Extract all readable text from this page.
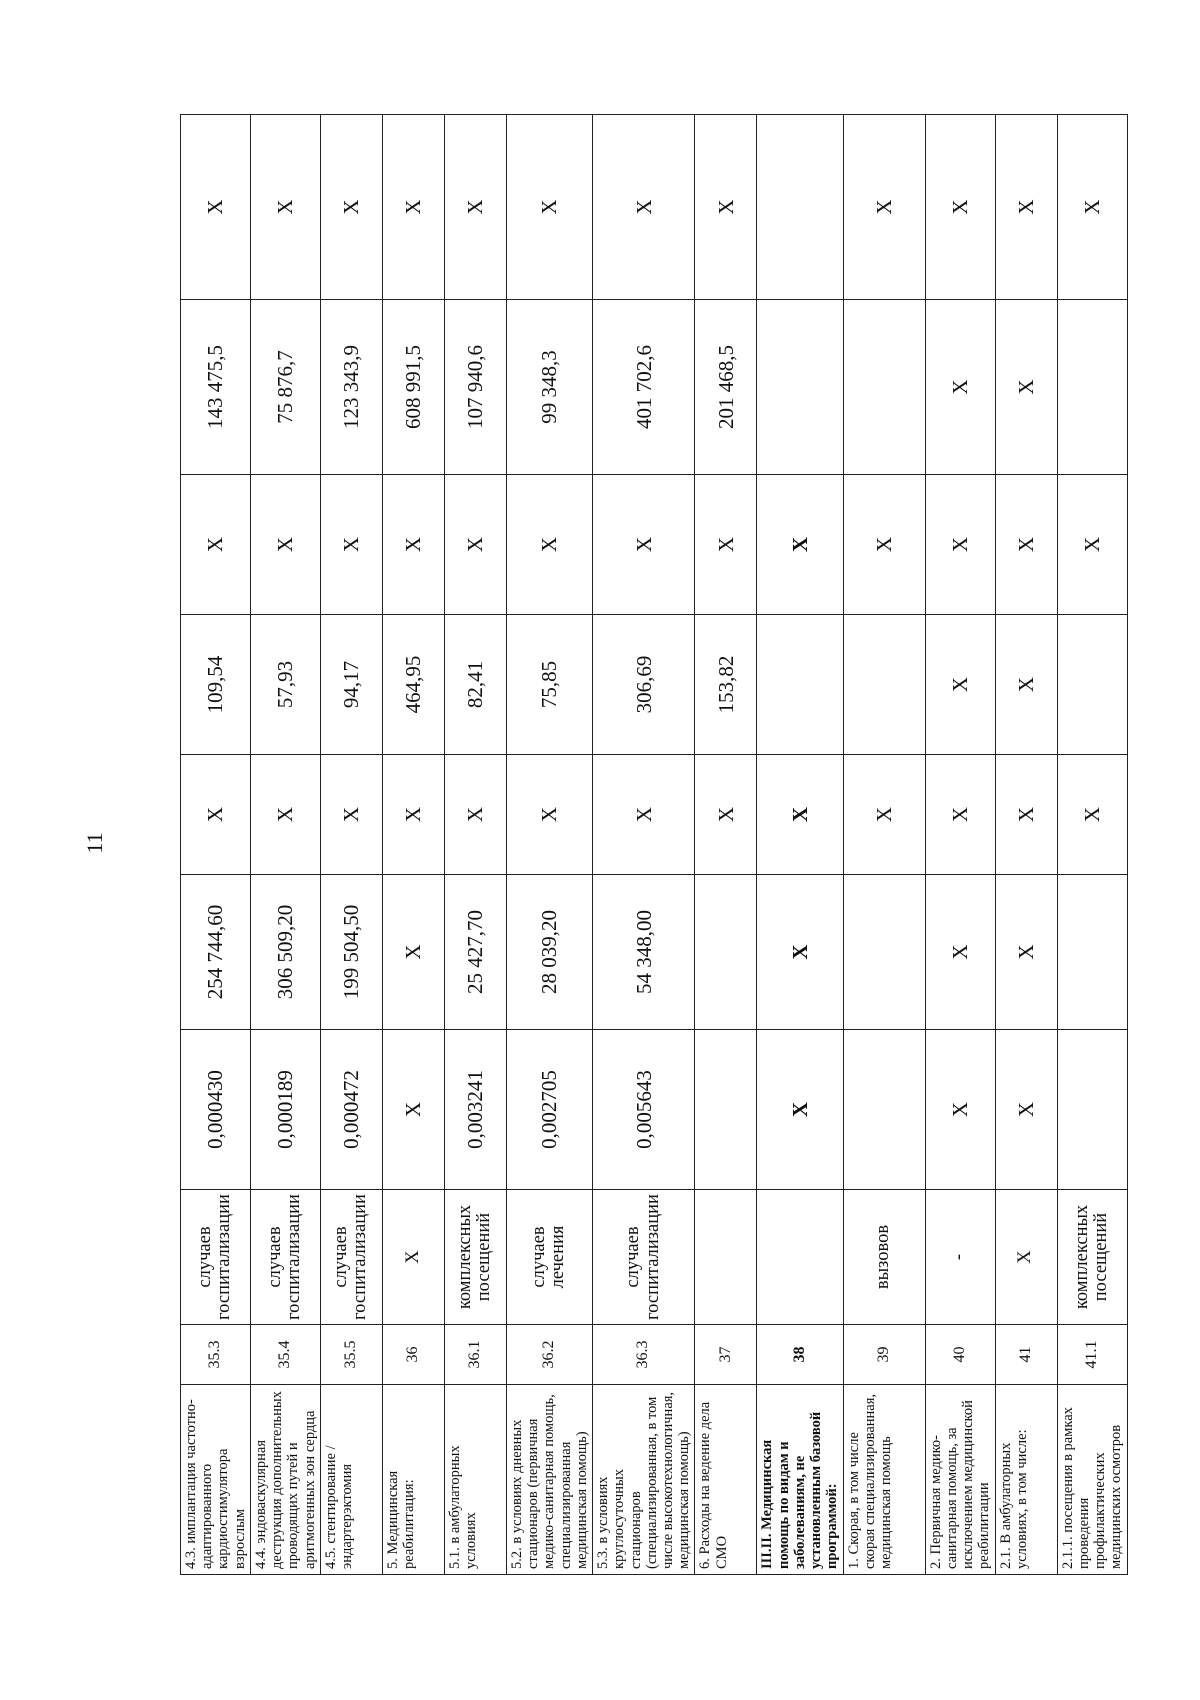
11
4.3. имплантация частотно-адаптированного кардиостимулятора взрослым	35.3	случаев госпитализации	0,000430	254 744,60	X	109,54	X	143 475,5	X
4.4. эндоваскулярная деструкция дополнительных проводящих путей и аритмогенных зон сердца	35.4	случаев госпитализации	0,000189	306 509,20	X	57,93	X	75 876,7	X
4.5. стентирование / эндартерэктомия	35.5	случаев госпитализации	0,000472	199 504,50	X	94,17	X	123 343,9	X
5. Медицинская реабилитация:	36	X	X	X	X	464,95	X	608 991,5	X
5.1. в амбулаторных условиях	36.1	комплексных посещений	0,003241	25 427,70	X	82,41	X	107 940,6	X
5.2. в условиях дневных стационаров (первичная медико-санитарная помощь, специализированная медицинская помощь)	36.2	случаев лечения	0,002705	28 039,20	X	75,85	X	99 348,3	X
5.3. в условиях круглосуточных стационаров (специализированная, в том числе высокотехнологичная, медицинская помощь)	36.3	случаев госпитализации	0,005643	54 348,00	X	306,69	X	401 702,6	X
6. Расходы на ведение дела СМО	37				X	153,82	X	201 468,5	X
III.II. Медицинская помощь по видам и заболеваниям, не установленным базовой программой:	38		X	X	X		X		
1. Скорая, в том числе скорая специализированная, медицинская помощь	39	вызовов			X		X		X
2. Первичная медико-санитарная помощь, за исключением медицинской реабилитации	40	-	X	X	X	X	X	X	X
2.1. В амбулаторных условиях, в том числе:	41	X	X	X	X	X	X	X	X
2.1.1. посещения в рамках проведения профилактических медицинских осмотров	41.1	комплексных посещений			X		X		X
